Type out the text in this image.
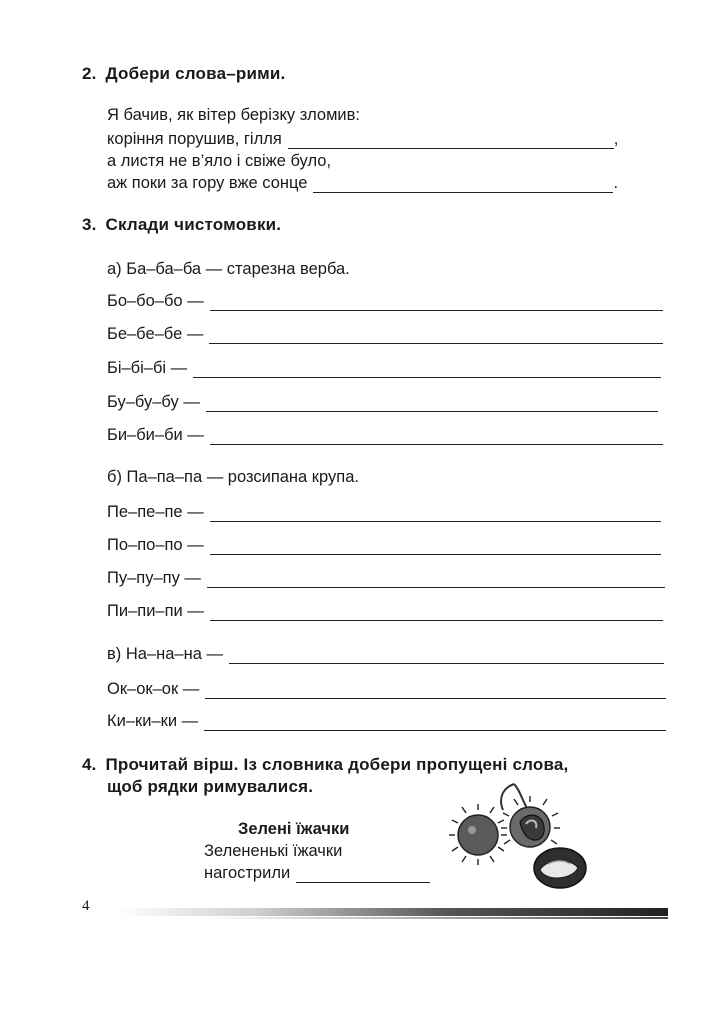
2. Добери слова–рими.
Я бачив, як вітер берізку зломив:
коріння порушив, гілля	,
а листя не в’яло і свіже було,
аж поки за гору вже сонце	.
3. Склади чистомовки.
а) Ба–ба–ба — старезна верба.
Бо–бо–бо —
Бе–бе–бе —
Бі–бі–бі —
Бу–бу–бу —
Би–би–би —
б) Па–па–па — розсипана крупа.
Пе–пе–пе —
По–по–по —
Пу–пу–пу —
Пи–пи–пи —
в) На–на–на —
Ок–ок–ок —
Ки–ки–ки —
4. Прочитай вірш. Із словника добери пропущені слова,
щоб рядки римувалися.
Зелені їжачки
Зелененькі їжачки
нагострили
4
